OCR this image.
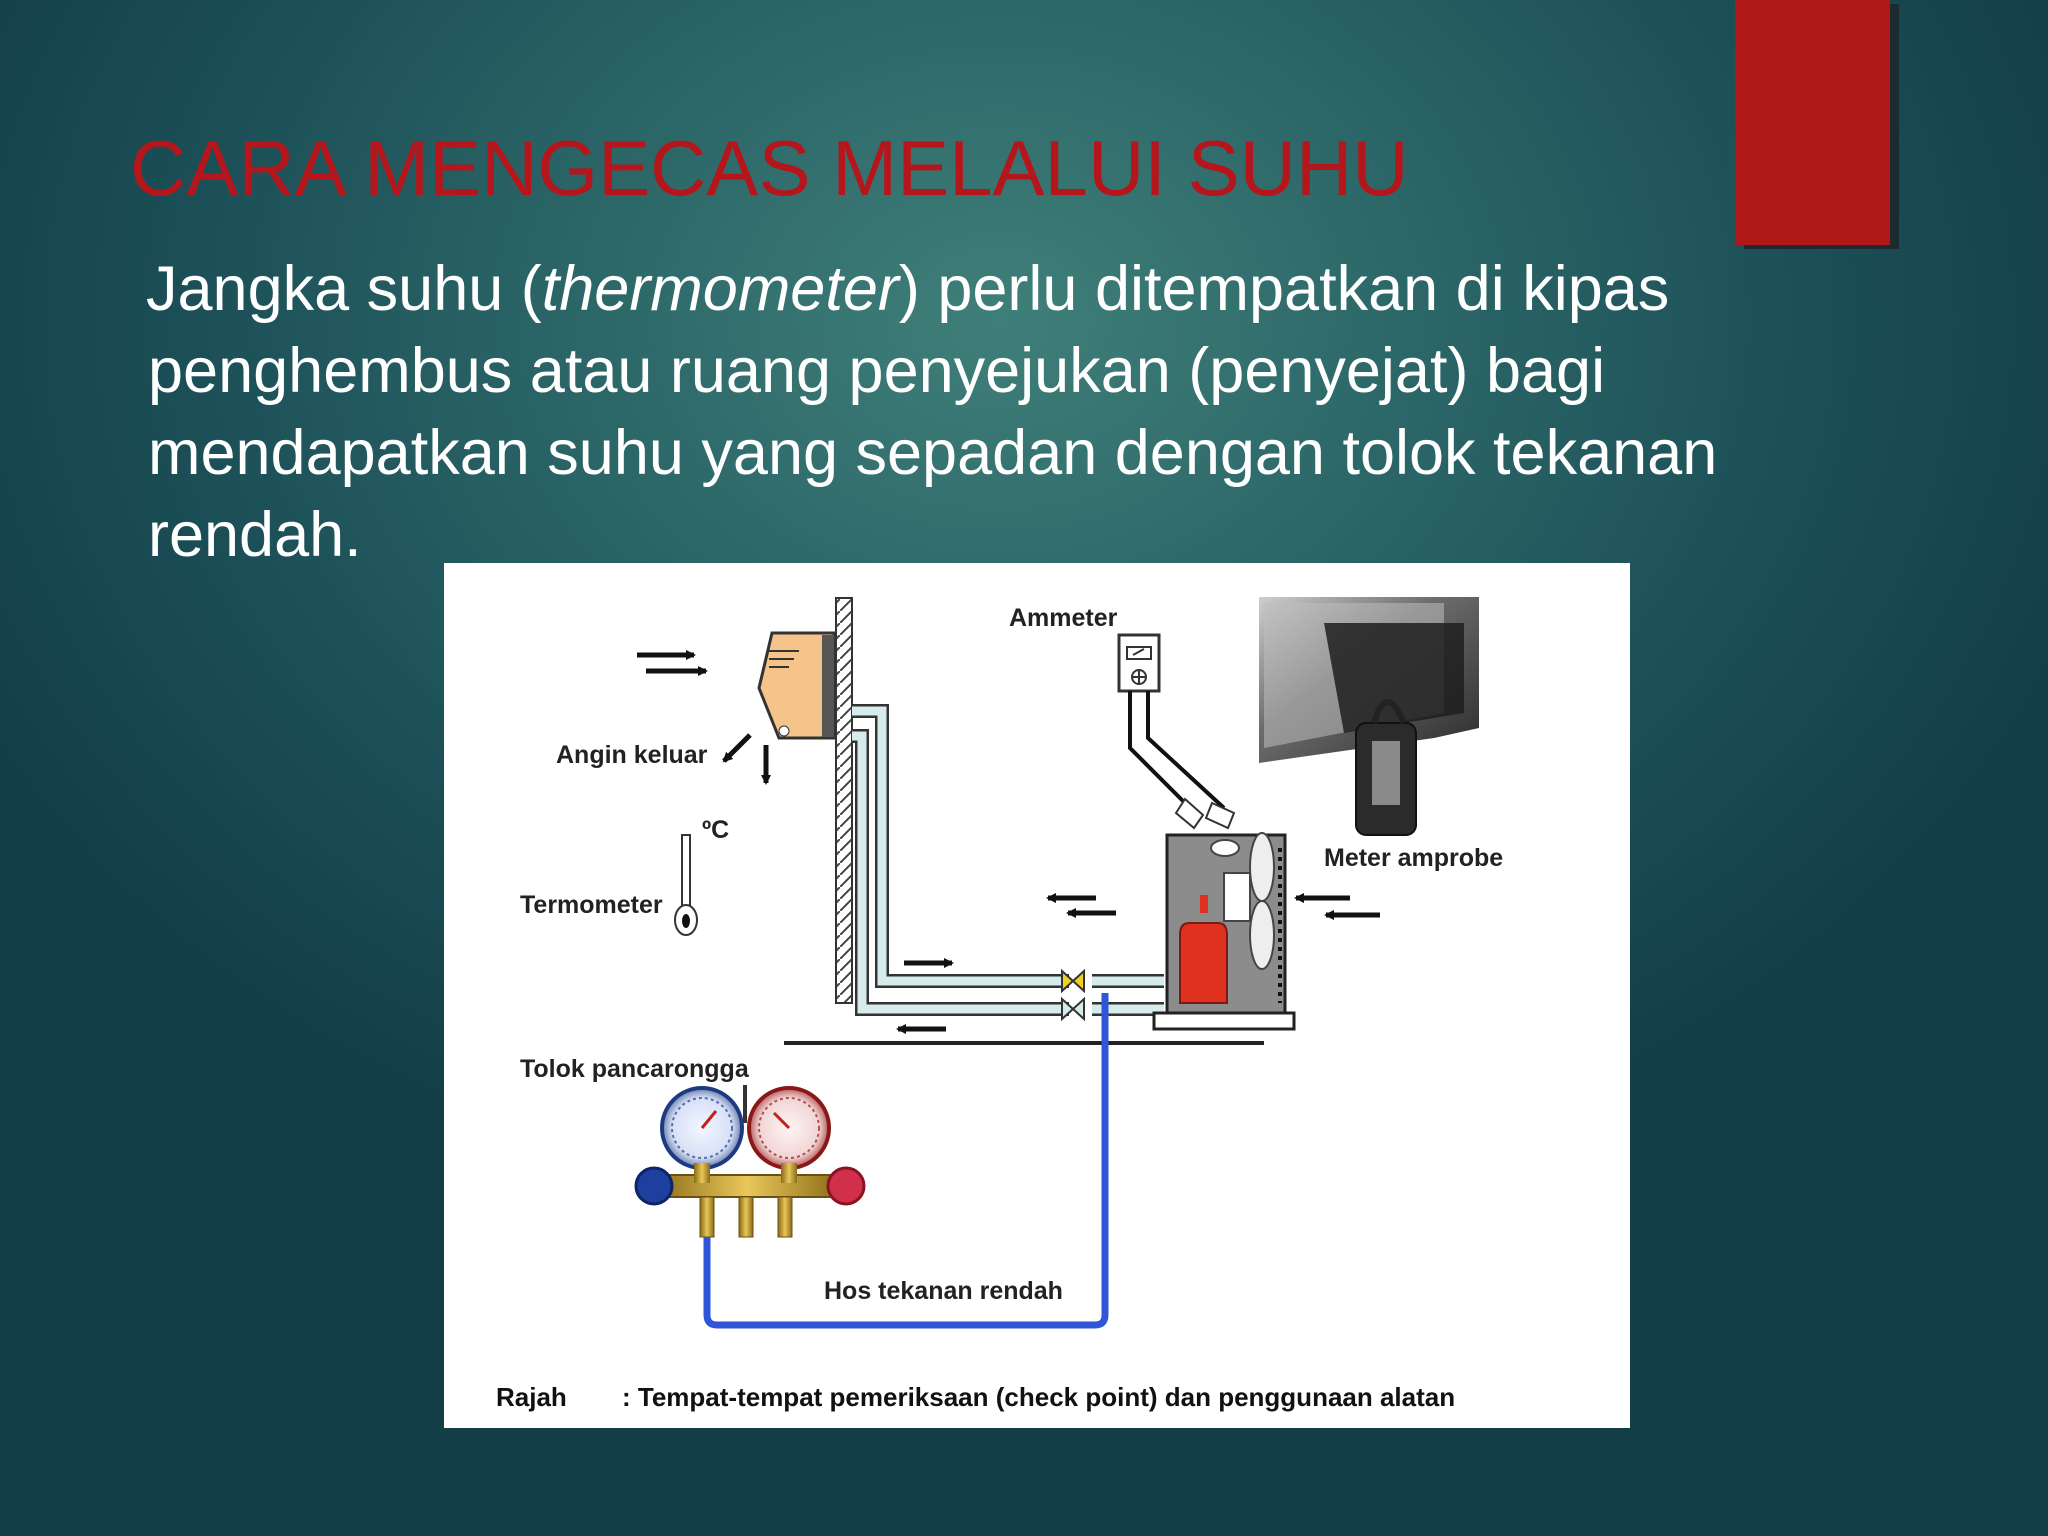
CARA MENGECAS MELALUI SUHU

Jangka suhu (thermometer) perlu ditempatkan di kipas
penghembus atau ruang penyejukan (penyejat) bagi
mendapatkan suhu yang sepadan dengan tolok tekanan
rendah.

Ammeter
Angin keluar
ºC
Termometer
Meter amprobe
Tolok pancarongga
Hos tekanan rendah
Rajah : Tempat-tempat pemeriksaan (check point) dan penggunaan alatan
